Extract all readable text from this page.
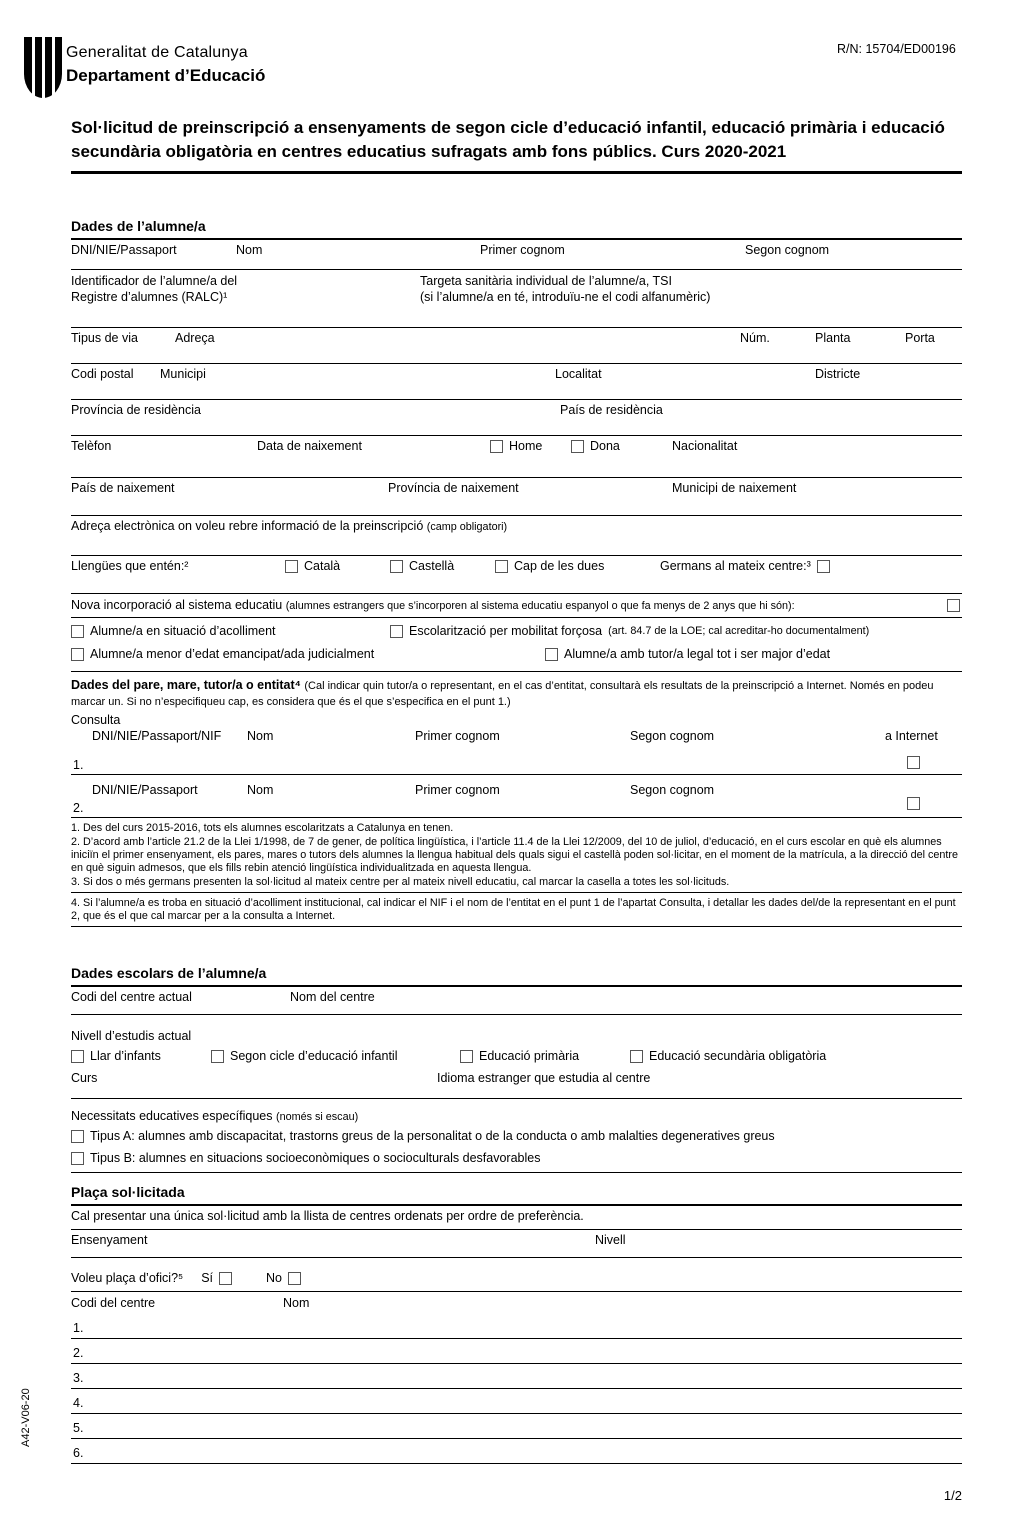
Generalitat de Catalunya
Departament d’Educació
R/N: 15704/ED00196
Sol·licitud de preinscripció a ensenyaments de segon cicle d’educació infantil, educació primària i educació secundària obligatòria en centres educatius sufragats amb fons públics. Curs 2020-2021
Dades de l’alumne/a
DNI/NIE/Passaport	Nom	Primer cognom	Segon cognom
Identificador de l’alumne/a del
Registre d’alumnes (RALC)¹
Targeta sanitària individual de l’alumne/a, TSI
(si l’alumne/a en té, introduïu-ne el codi alfanumèric)
Tipus de via	Adreça	Núm.	Planta	Porta
Codi postal Municipi	Localitat	Districte
Província de residència	País de residència
Telèfon	Data de naixement	Home	Dona	Nacionalitat
País de naixement	Província de naixement	Municipi de naixement
Adreça electrònica on voleu rebre informació de la preinscripció (camp obligatori)
Llengües que entén:²	Català	Castellà	Cap de les dues	Germans al mateix centre:³
Nova incorporació al sistema educatiu (alumnes estrangers que s’incorporen al sistema educatiu espanyol o que fa menys de 2 anys que hi són):
Alumne/a en situació d’acolliment	Escolarització per mobilitat forçosa (art. 84.7 de la LOE; cal acreditar-ho documentalment)
Alumne/a menor d’edat emancipat/ada judicialment	Alumne/a amb tutor/a legal tot i ser major d’edat

Dades del pare, mare, tutor/a o entitat⁴ (Cal indicar quin tutor/a o representant, en el cas d’entitat, consultarà els resultats de la preinscripció a Internet. Només en podeu marcar un. Si no n’especifiqueu cap, es considera que és el que s’especifica en el punt 1.)

Consulta
DNI/NIE/Passaport/NIF Nom	Primer cognom	Segon cognom	a Internet
1.
DNI/NIE/Passaport	Nom	Primer cognom	Segon cognom
2.

1. Des del curs 2015-2016, tots els alumnes escolaritzats a Catalunya en tenen.

2. D’acord amb l’article 21.2 de la Llei 1/1998, de 7 de gener, de política lingüística, i l’article 11.4 de la Llei 12/2009, del 10 de juliol, d’educació, en el curs escolar en què els alumnes iniciïn el primer ensenyament, els pares, mares o tutors dels alumnes la llengua habitual dels quals sigui el castellà poden sol·licitar, en el moment de la matrícula, a la direcció del centre en què siguin admesos, que els fills rebin atenció lingüística individualitzada en aquesta llengua.

3. Si dos o més germans presenten la sol·licitud al mateix centre per al mateix nivell educatiu, cal marcar la casella a totes les sol·licituds.

4. Si l’alumne/a es troba en situació d’acolliment institucional, cal indicar el NIF i el nom de l’entitat en el punt 1 de l’apartat Consulta, i detallar les dades del/de la representant en el punt 2, que és el que cal marcar per a la consulta a Internet.

Dades escolars de l’alumne/a
Codi del centre actual	Nom del centre
Nivell d’estudis actual
Llar d’infants	Segon cicle d’educació infantil	Educació primària	Educació secundària obligatòria
Curs	Idioma estranger que estudia al centre
Necessitats educatives específiques (només si escau)
Tipus A: alumnes amb discapacitat, trastorns greus de la personalitat o de la conducta o amb malalties degeneratives greus
Tipus B: alumnes en situacions socioeconòmiques o socioculturals desfavorables
Plaça sol·licitada
Cal presentar una única sol·licitud amb la llista de centres ordenats per ordre de preferència.
Ensenyament	Nivell
Voleu plaça d’ofici?⁵ Sí	No
Codi del centre	Nom
1.
2.
3.
4.
5.
6.
A42-V06-20
1/2
